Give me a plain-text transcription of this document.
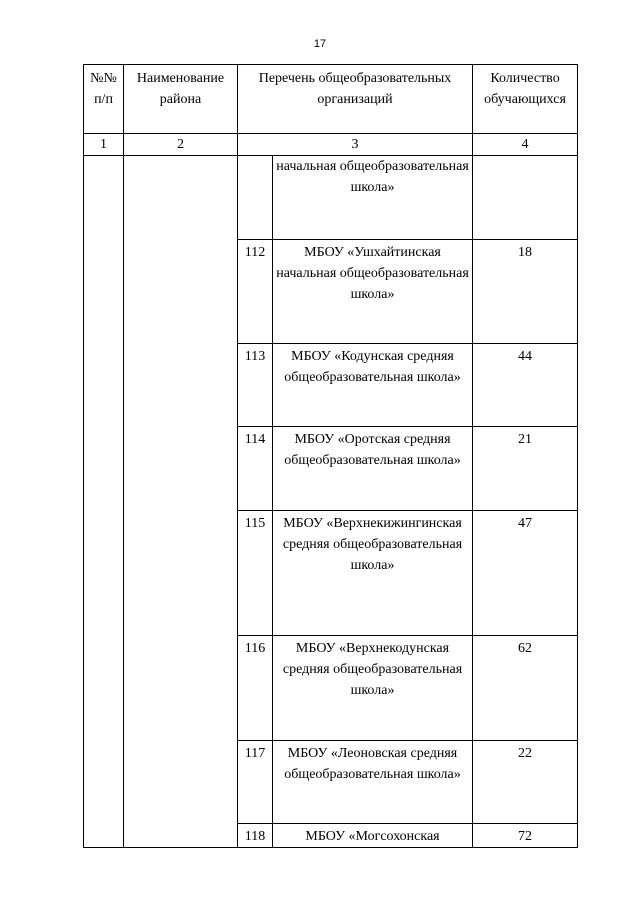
17
№№ п/п	Наименование района	Перечень общеобразовательных организаций		Количество обучающихся
1	2	3		4
			начальная общеобразовательная школа»	
		112	МБОУ «Ушхайтинская начальная общеобразовательная школа»	18
		113	МБОУ «Кодунская средняя общеобразовательная школа»	44
		114	МБОУ «Оротская средняя общеобразовательная школа»	21
		115	МБОУ «Верхнекижингинская средняя общеобразовательная школа»	47
		116	МБОУ «Верхнекодунская средняя общеобразовательная школа»	62
		117	МБОУ «Леоновская средняя общеобразовательная школа»	22
		118	МБОУ «Могсохонская	72
